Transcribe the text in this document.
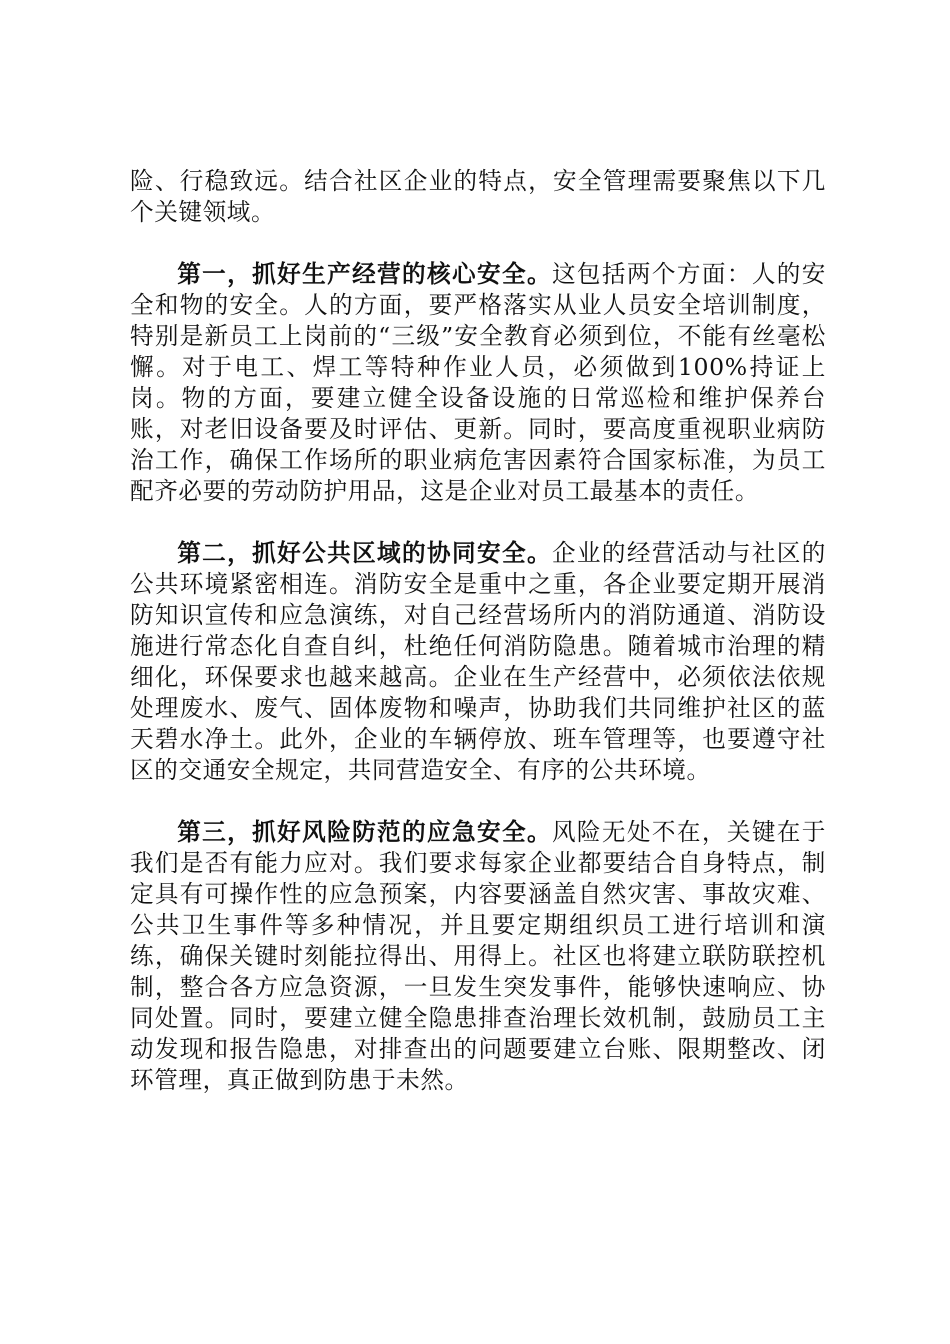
险、行稳致远。结合社区企业的特点，安全管理需要聚焦以下几个关键领域。

第一，抓好生产经营的核心安全。这包括两个方面：人的安全和物的安全。人的方面，要严格落实从业人员安全培训制度，特别是新员工上岗前的“三级”安全教育必须到位，不能有丝毫松懈。对于电工、焊工等特种作业人员，必须做到100%持证上岗。物的方面，要建立健全设备设施的日常巡检和维护保养台账，对老旧设备要及时评估、更新。同时，要高度重视职业病防治工作，确保工作场所的职业病危害因素符合国家标准，为员工配齐必要的劳动防护用品，这是企业对员工最基本的责任。

第二，抓好公共区域的协同安全。企业的经营活动与社区的公共环境紧密相连。消防安全是重中之重，各企业要定期开展消防知识宣传和应急演练，对自己经营场所内的消防通道、消防设施进行常态化自查自纠，杜绝任何消防隐患。随着城市治理的精细化，环保要求也越来越高。企业在生产经营中，必须依法依规处理废水、废气、固体废物和噪声，协助我们共同维护社区的蓝天碧水净土。此外，企业的车辆停放、班车管理等，也要遵守社区的交通安全规定，共同营造安全、有序的公共环境。

第三，抓好风险防范的应急安全。风险无处不在，关键在于我们是否有能力应对。我们要求每家企业都要结合自身特点，制定具有可操作性的应急预案，内容要涵盖自然灾害、事故灾难、公共卫生事件等多种情况，并且要定期组织员工进行培训和演练，确保关键时刻能拉得出、用得上。社区也将建立联防联控机制，整合各方应急资源，一旦发生突发事件，能够快速响应、协同处置。同时，要建立健全隐患排查治理长效机制，鼓励员工主动发现和报告隐患，对排查出的问题要建立台账、限期整改、闭环管理，真正做到防患于未然。
